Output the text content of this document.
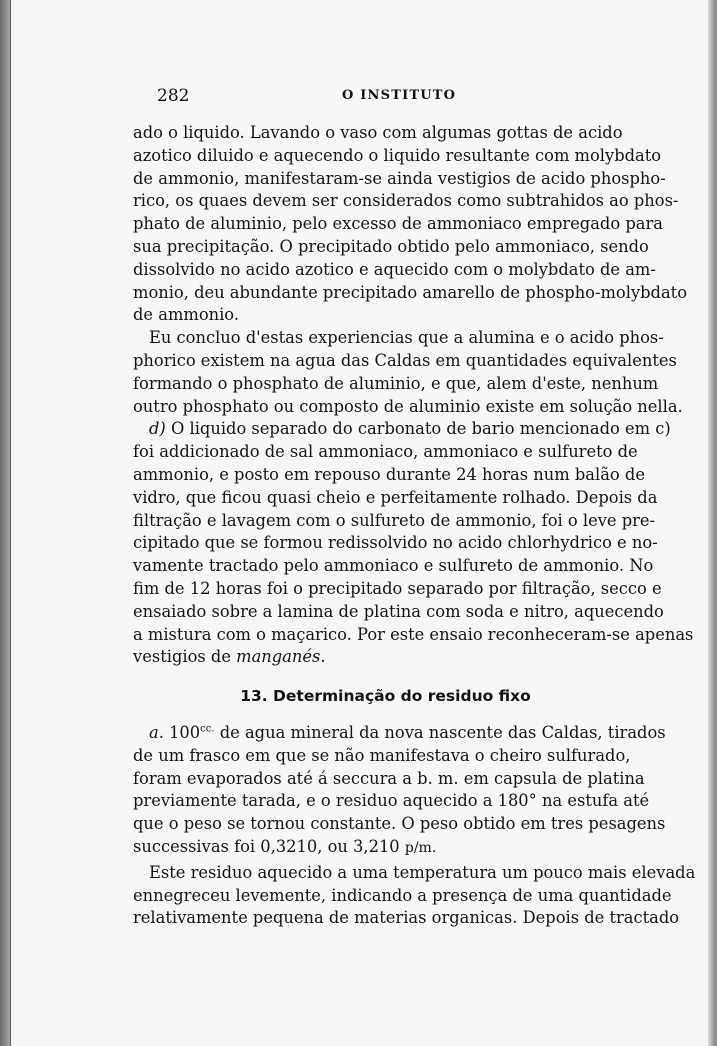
282	O INSTITUTO
ado o liquido. Lavando o vaso com algumas gottas de acido
azotico diluido e aquecendo o liquido resultante com molybdato
de ammonio, manifestaram-se ainda vestigios de acido phospho-
rico, os quaes devem ser considerados como subtrahidos ao phos-
phato de aluminio, pelo excesso de ammoniaco empregado para
sua precipitação. O precipitado obtido pelo ammoniaco, sendo
dissolvido no acido azotico e aquecido com o molybdato de am-
monio, deu abundante precipitado amarello de phospho-molybdato
de ammonio.
Eu concluo d'estas experiencias que a alumina e o acido phos-
phorico existem na agua das Caldas em quantidades equivalentes
formando o phosphato de aluminio, e que, alem d'este, nenhum
outro phosphato ou composto de aluminio existe em solução nella.
d) O liquido separado do carbonato de bario mencionado em c)
foi addicionado de sal ammoniaco, ammoniaco e sulfureto de
ammonio, e posto em repouso durante 24 horas num balão de
vidro, que ficou quasi cheio e perfeitamente rolhado. Depois da
filtração e lavagem com o sulfureto de ammonio, foi o leve pre-
cipitado que se formou redissolvido no acido chlorhydrico e no-
vamente tractado pelo ammoniaco e sulfureto de ammonio. No
fim de 12 horas foi o precipitado separado por filtração, secco e
ensaiado sobre a lamina de platina com soda e nitro, aquecendo
a mistura com o maçarico. Por este ensaio reconheceram-se apenas
vestigios de manganés.
13. Determinação do residuo fixo
a. $100^{cc.}$ de agua mineral da nova nascente das Caldas, tirados
de um frasco em que se não manifestava o cheiro sulfurado,
foram evaporados até á seccura a b. m. em capsula de platina
previamente tarada, e o residuo aquecido a 180° na estufa até
que o peso se tornou constante. O peso obtido em tres pesagens
successivas foi 0,3210, ou 3,210 p/m.
Este residuo aquecido a uma temperatura um pouco mais elevada
ennegreceu levemente, indicando a presença de uma quantidade
relativamente pequena de materias organicas. Depois de tractado
